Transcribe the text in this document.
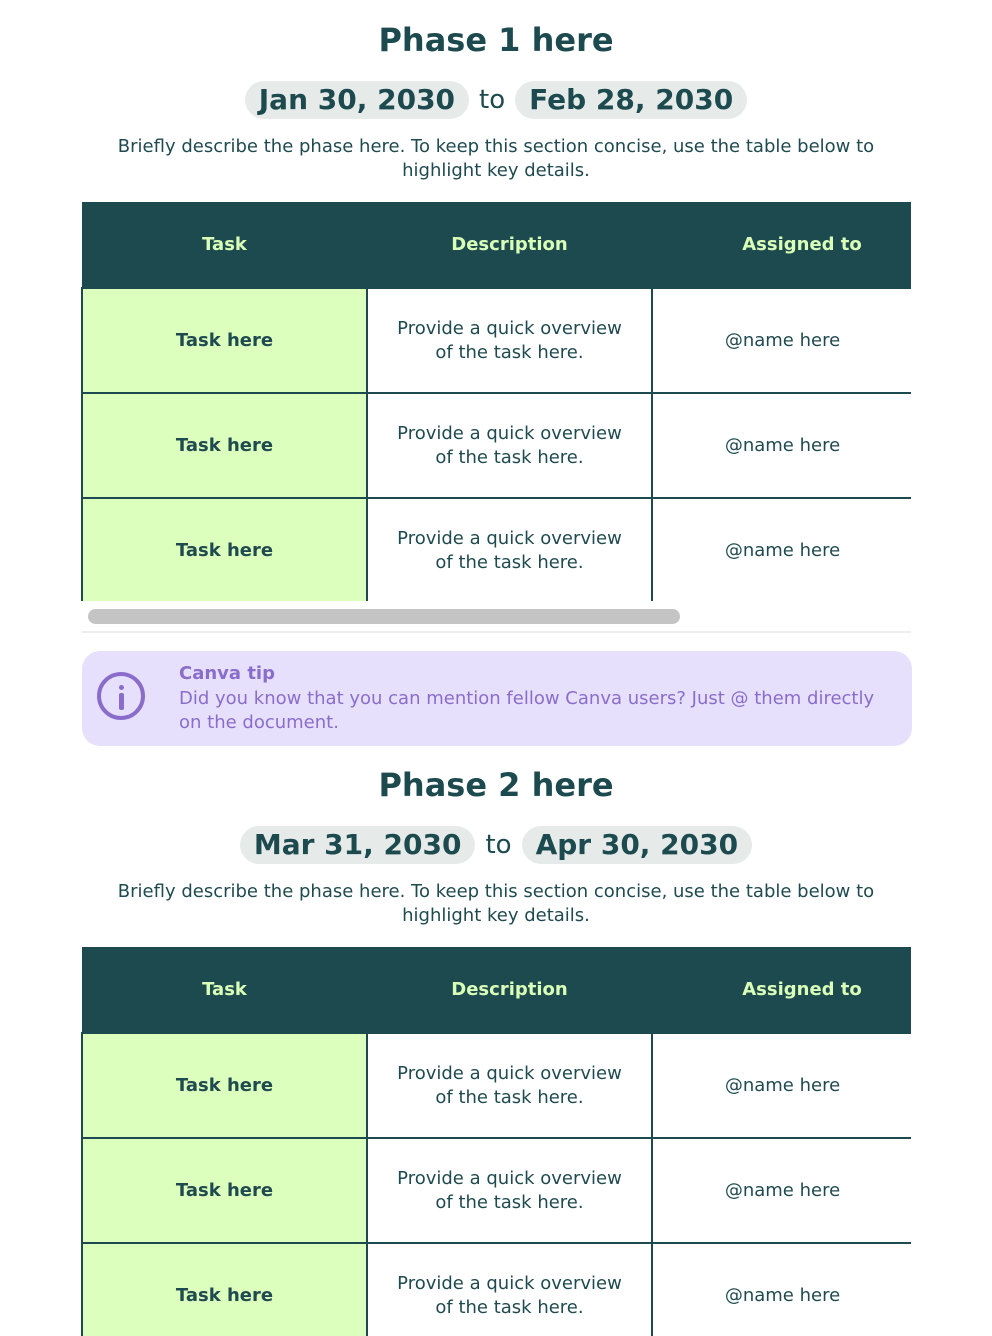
Phase 1 here
Jan 30, 2030 to Feb 28, 2030

Briefly describe the phase here. To keep this section concise, use the table below to highlight key details.

Task	Description	Assigned to
Task here	Provide a quick overview of the task here.	@name here
Task here	Provide a quick overview of the task here.	@name here
Task here	Provide a quick overview of the task here.	@name here
Canva tip
Did you know that you can mention fellow Canva users? Just @ them directly on the document.
Phase 2 here
Mar 31, 2030 to Apr 30, 2030

Briefly describe the phase here. To keep this section concise, use the table below to highlight key details.

Task	Description	Assigned to
Task here	Provide a quick overview of the task here.	@name here
Task here	Provide a quick overview of the task here.	@name here
Task here	Provide a quick overview of the task here.	@name here
